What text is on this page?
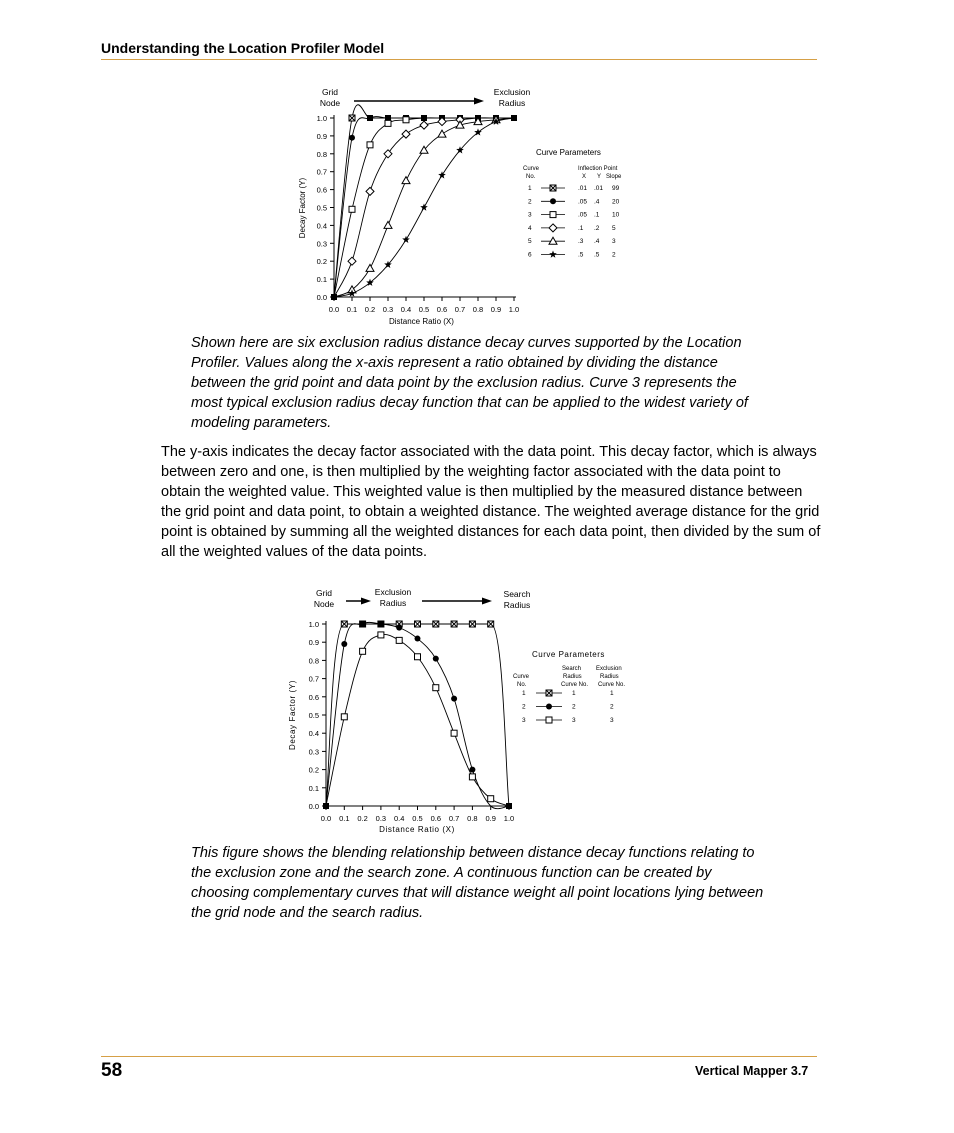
Understanding the Location Profiler Model
0.0
0.1
0.2
0.3
0.4
0.5
0.6
0.7
0.8
0.9
1.0
0.0 0.1 0.2 0.3 0.4 0.5 0.6 0.7 0.8 0.9 1.0
Grid
Node
Exclusion
Radius
Distance Ratio (X)
Decay Factor (Y)
Curve Parameters
Curve
No.
Inflection Point
X Y Slope
1	.01 .01 99
2	.05 .4 20
3	.05 .1 10
4	.1 .2 5
5	.3 .4 3
6	.5 .5 2
Shown here are six exclusion radius distance decay curves supported by the Location Profiler. Values along the x-axis represent a ratio obtained by dividing the distance between the grid point and data point by the exclusion radius. Curve 3 represents the most typical exclusion radius decay function that can be applied to the widest variety of modeling parameters.
The y-axis indicates the decay factor associated with the data point. This decay factor, which is always between zero and one, is then multiplied by the weighting factor associated with the data point to obtain the weighted value. This weighted value is then multiplied by the measured distance between the grid point and data point, to obtain a weighted distance. The weighted average distance for the grid point is obtained by summing all the weighted distances for each data point, then divided by the sum of all the weighted values of the data points.
0.0
0.1
0.2
0.3
0.4
0.5
0.6
0.7
0.8
0.9
1.0
0.0 0.1 0.2 0.3 0.4 0.5 0.6 0.7 0.8 0.9 1.0
Grid
Node
Exclusion
Radius
Search
Radius
Distance Ratio (X)
Decay Factor (Y)
Curve Parameters
Search
Radius
Curve No.
Exclusion
Radius
Curve No.
Curve
No.
1	1	1
2	2	2
3	3	3
This figure shows the blending relationship between distance decay functions relating to the exclusion zone and the search zone. A continuous function can be created by choosing complementary curves that will distance weight all point locations lying between the grid node and the search radius.
58	Vertical Mapper 3.7
